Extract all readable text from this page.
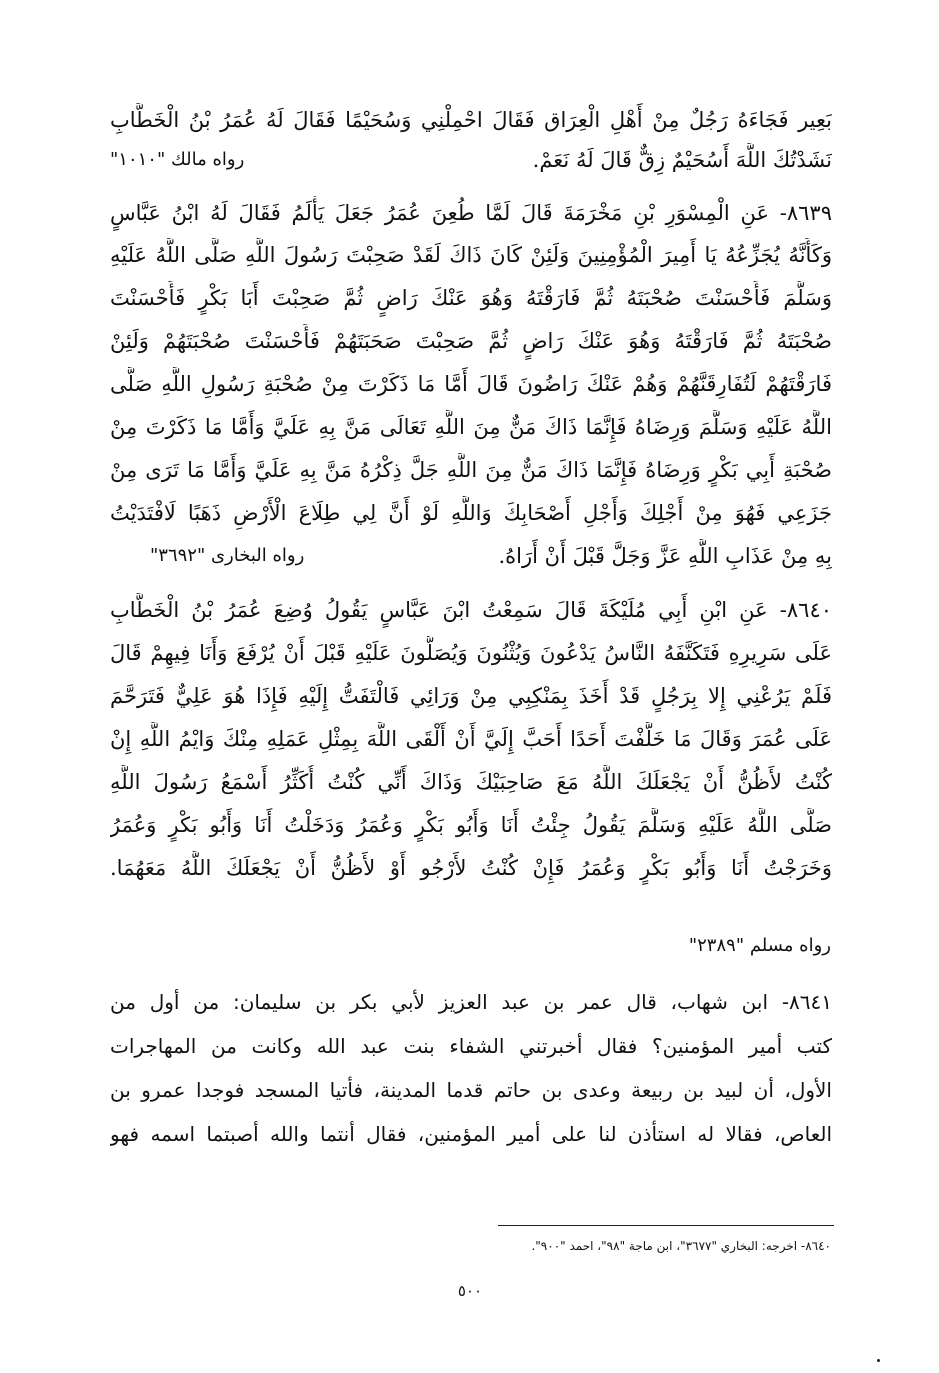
بَعِير فَجَاءَهُ رَجُلٌ مِنْ أَهْلِ الْعِرَاق فَقَالَ احْمِلْنِي وَسُحَيْمًا فَقَالَ لَهُ عُمَرُ بْنُ الْخَطَّابِ
نَشَدْتُكَ اللَّهَ أَسُحَيْمٌ زِقٌّ قَالَ لَهُ نَعَمْ.
رواه مالك "١٠١٠"
٨٦٣٩- عَنِ الْمِسْوَرِ بْنِ مَخْرَمَةَ قَالَ لَمَّا طُعِنَ عُمَرُ جَعَلَ يَأْلَمُ فَقَالَ لَهُ ابْنُ عَبَّاسٍ
وَكَأَنَّهُ يُجَزِّعُهُ يَا أَمِيرَ الْمُؤْمِنِينَ وَلَئِنْ كَانَ ذَاكَ لَقَدْ صَحِبْتَ رَسُولَ اللَّهِ صَلَّى اللَّهُ عَلَيْهِ
وَسَلَّمَ فَأَحْسَنْتَ صُحْبَتَهُ ثُمَّ فَارَقْتَهُ وَهُوَ عَنْكَ رَاضٍ ثُمَّ صَحِبْتَ أَبَا بَكْرٍ فَأَحْسَنْتَ
صُحْبَتَهُ ثُمَّ فَارَقْتَهُ وَهُوَ عَنْكَ رَاضٍ ثُمَّ صَحِبْتَ صَحَبَتَهُمْ فَأَحْسَنْتَ صُحْبَتَهُمْ وَلَئِنْ
فَارَقْتَهُمْ لَتُفَارِقَنَّهُمْ وَهُمْ عَنْكَ رَاضُونَ قَالَ أَمَّا مَا ذَكَرْتَ مِنْ صُحْبَةِ رَسُولِ اللَّهِ صَلَّى
اللَّهُ عَلَيْهِ وَسَلَّمَ وَرِضَاهُ فَإِنَّمَا ذَاكَ مَنٌّ مِنَ اللَّهِ تَعَالَى مَنَّ بِهِ عَلَيَّ وَأَمَّا مَا ذَكَرْتَ مِنْ
صُحْبَةِ أَبِي بَكْرٍ وَرِضَاهُ فَإِنَّمَا ذَاكَ مَنٌّ مِنَ اللَّهِ جَلَّ ذِكْرُهُ مَنَّ بِهِ عَلَيَّ وَأَمَّا مَا تَرَى مِنْ
جَزَعِي فَهُوَ مِنْ أَجْلِكَ وَأَجْلِ أَصْحَابِكَ وَاللَّهِ لَوْ أَنَّ لِي طِلَاعَ الْأَرْضِ ذَهَبًا لَافْتَدَيْتُ
بِهِ مِنْ عَذَابِ اللَّهِ عَزَّ وَجَلَّ قَبْلَ أَنْ أَرَاهُ.
رواه البخارى "٣٦٩٢"
٨٦٤٠- عَنِ ابْنِ أَبِي مُلَيْكَةَ قَالَ سَمِعْتُ ابْنَ عَبَّاسٍ يَقُولُ وُضِعَ عُمَرُ بْنُ الْخَطَّابِ
عَلَى سَرِيرِهِ فَتَكَنَّفَهُ النَّاسُ يَدْعُونَ وَيُثْنُونَ وَيُصَلُّونَ عَلَيْهِ قَبْلَ أَنْ يُرْفَعَ وَأَنَا فِيهِمْ قَالَ
فَلَمْ يَرُعْنِي إِلا بِرَجُلٍ قَدْ أَخَذَ بِمَنْكِبِي مِنْ وَرَائِي فَالْتَفَتُّ إِلَيْهِ فَإِذَا هُوَ عَلِيٌّ فَتَرَحَّمَ
عَلَى عُمَرَ وَقَالَ مَا خَلَّفْتَ أَحَدًا أَحَبَّ إِلَيَّ أَنْ أَلْقَى اللَّهَ بِمِثْلِ عَمَلِهِ مِنْكَ وَايْمُ اللَّهِ إِنْ
كُنْتُ لأَظُنُّ أَنْ يَجْعَلَكَ اللَّهُ مَعَ صَاحِبَيْكَ وَذَاكَ أَنِّي كُنْتُ أُكَثِّرُ أَسْمَعُ رَسُولَ اللَّهِ
صَلَّى اللَّهُ عَلَيْهِ وَسَلَّمَ يَقُولُ جِئْتُ أَنَا وَأَبُو بَكْرٍ وَعُمَرُ وَدَخَلْتُ أَنَا وَأَبُو بَكْرٍ وَعُمَرُ
وَخَرَجْتُ أَنَا وَأَبُو بَكْرٍ وَعُمَرُ فَإِنْ كُنْتُ لأَرْجُو أَوْ لأَظُنُّ أَنْ يَجْعَلَكَ اللَّهُ مَعَهُمَا.
رواه مسلم "٢٣٨٩"
٨٦٤١- ابن شهاب، قال عمر بن عبد العزيز لأبي بكر بن سليمان: من أول من
كتب أمير المؤمنين؟ فقال أخبرتني الشفاء بنت عبد الله وكانت من المهاجرات
الأول، أن لبيد بن ربيعة وعدى بن حاتم قدما المدينة، فأتيا المسجد فوجدا عمرو بن
العاص، فقالا له استأذن لنا على أمير المؤمنين، فقال أنتما والله أصبتما اسمه فهو
٨٦٤٠- اخرجه: البخاري "٣٦٧٧"، ابن ماجة "٩٨"، احمد "٩٠٠".
٥٠٠
